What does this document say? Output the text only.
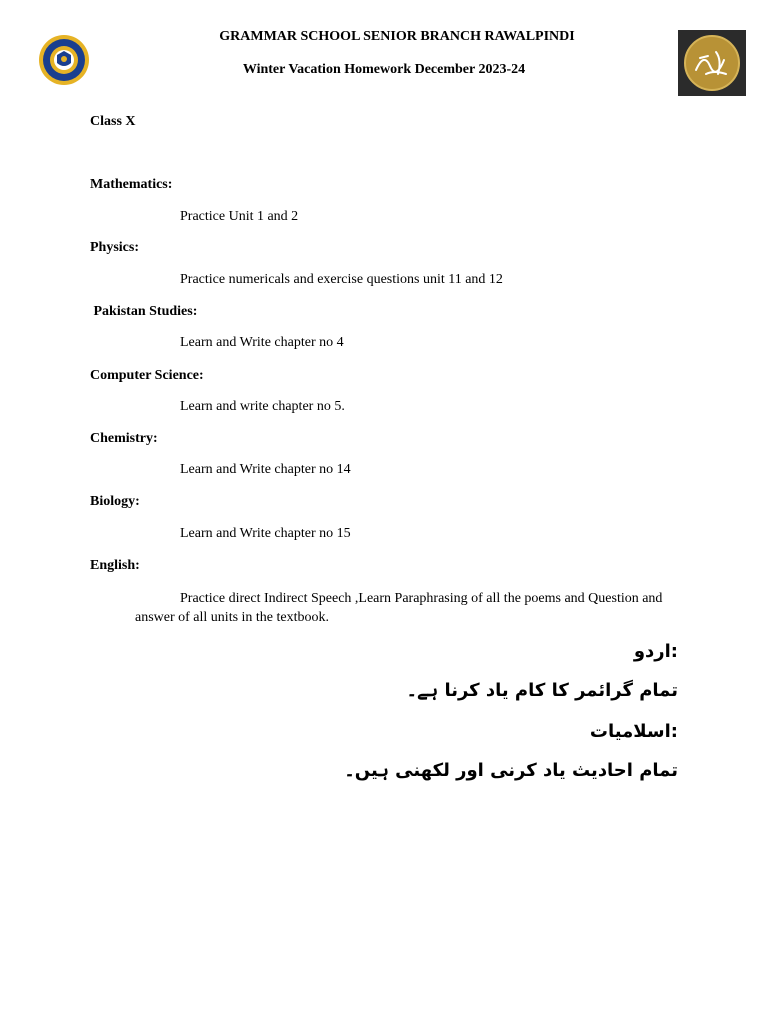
GRAMMAR SCHOOL SENIOR BRANCH RAWALPINDI
Winter Vacation Homework December 2023-24
Class X
Mathematics:
Practice Unit 1 and 2
Physics:
Practice numericals and exercise questions unit 11 and 12
Pakistan Studies:
Learn and Write chapter no 4
Computer Science:
Learn and write chapter no 5.
Chemistry:
Learn and Write chapter no 14
Biology:
Learn and Write chapter no 15
English:
Practice direct Indirect Speech ,Learn Paraphrasing of all the poems and Question and answer of all units in the textbook.
:اردو
تمام گرائمر کا کام یاد کرنا ہے۔
:اسلامیات
تمام احادیث یاد کرنی اور لکھنی ہیں۔
